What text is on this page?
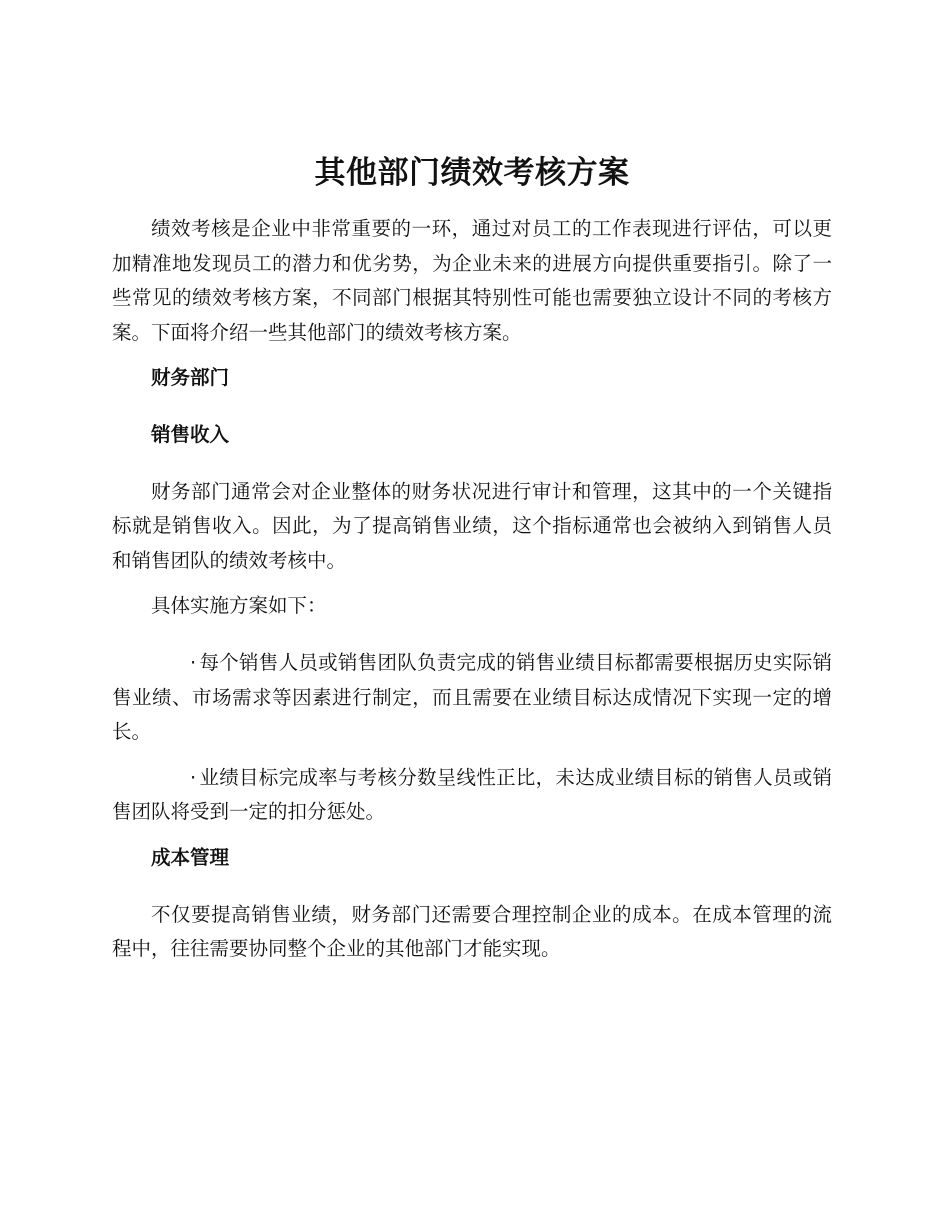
其他部门绩效考核方案

绩效考核是企业中非常重要的一环，通过对员工的工作表现进行评估，可以更加精准地发现员工的潜力和优劣势，为企业未来的进展方向提供重要指引。除了一些常见的绩效考核方案，不同部门根据其特别性可能也需要独立设计不同的考核方案。下面将介绍一些其他部门的绩效考核方案。

财务部门

销售收入

财务部门通常会对企业整体的财务状况进行审计和管理，这其中的一个关键指标就是销售收入。因此，为了提高销售业绩，这个指标通常也会被纳入到销售人员和销售团队的绩效考核中。

具体实施方案如下：

· 每个销售人员或销售团队负责完成的销售业绩目标都需要根据历史实际销售业绩、市场需求等因素进行制定，而且需要在业绩目标达成情况下实现一定的增长。

· 业绩目标完成率与考核分数呈线性正比，未达成业绩目标的销售人员或销售团队将受到一定的扣分惩处。

成本管理

不仅要提高销售业绩，财务部门还需要合理控制企业的成本。在成本管理的流程中，往往需要协同整个企业的其他部门才能实现。
